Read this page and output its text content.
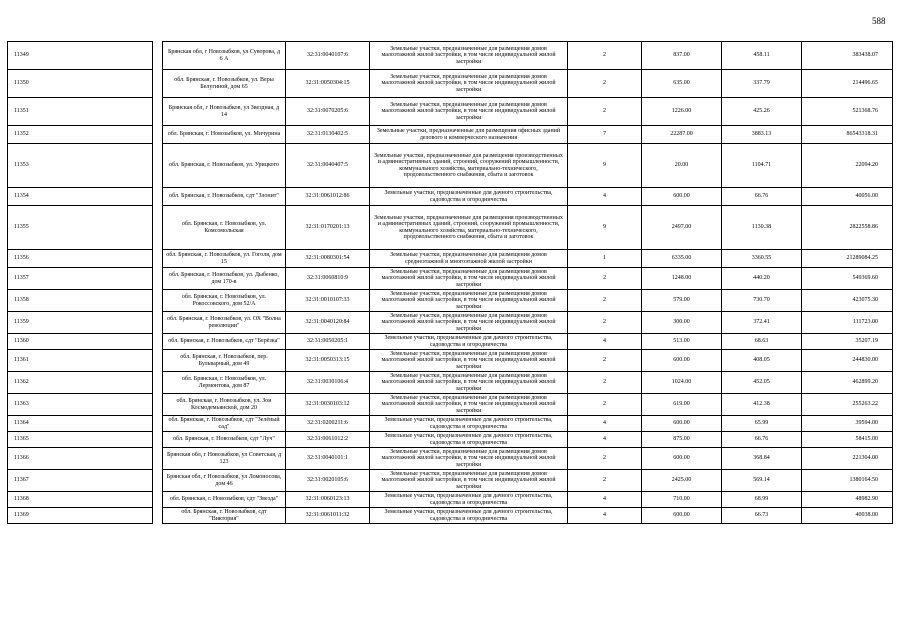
588
11349		Брянская обл, г Новозыбков, ул Суворова, д 6 А	32:31:0040107:6	Земельные участки, предназначенные для размещения домов малоэтажной жилой застройки, в том числе индивидуальной жилой застройки	2	837.00	458.11	383438.07
11350		обл. Брянская, г. Новозыбков, ул. Веры Белугиной, дом 65	32:31:0050304:15	Земельные участки, предназначенные для размещения домов малоэтажной жилой застройки, в том числе индивидуальной жилой застройки	2	635.00	337.79	214496.65
11351		Брянская обл, г Новозыбков, ул Звездная, д 14	32:31:0070205:6	Земельные участки, предназначенные для размещения домов малоэтажной жилой застройки, в том числе индивидуальной жилой застройки	2	1226.00	425.26	521368.76
11352		обл. Брянская, г. Новозыбков, ул. Мичурина	32:31:0130402:5	Земельные участки, предназначенные для размещения офисных зданий делового и коммерческого назначения	7	22287.00	3883.13	86543318.31
11353		обл. Брянская, г. Новозыбков, ул. Урицкого	32:31:0040407:5	Земельные участки, предназначенные для размещения производственных и административных зданий, строений, сооружений промышленности, коммунального хозяйства, материально-технического, продовольственного снабжения, сбыта и заготовок	9	20.00	1104.71	22094.20
11354		обл. Брянская, г. Новозыбков, сдт "Злонит"	32:31:0061012:86	Земельные участки, предназначенные для дачного строительства, садоводства и огородничества	4	600.00	66.76	40056.00
11355		обл. Брянская, г. Новозыбков, ул. Комсомольская	32:31:0170201:13	Земельные участки, предназначенные для размещения производственных и административных зданий, строений, сооружений промышленности, коммунального хозяйства, материально-технического, продовольственного снабжения, сбыта и заготовок	9	2497.00	1130.38	2822558.86
11356		обл. Брянская, г. Новозыбков, ул. Гоголя, дом 15	32:31:0080301:54	Земельные участки, предназначенные для размещения домов среднеэтажной и многоэтажной жилой застройки	1	6335.00	3360.55	21289084.25
11357		обл. Брянская, г. Новозыбков, ул. Дыбенко, дом 170-в	32:31:0060810:9	Земельные участки, предназначенные для размещения домов малоэтажной жилой застройки, в том числе индивидуальной жилой застройки	2	1248.00	440.20	549369.60
11358		обл. Брянская, г. Новозыбков, ул. Рокоссовского, дом 52/А	32:31:0010107:33	Земельные участки, предназначенные для размещения домов малоэтажной жилой застройки, в том числе индивидуальной жилой застройки	2	579.00	730.70	423075.30
11359		обл. Брянская, г. Новозыбков, ул. ОХ "Волна революции"	32:31:0040120:84	Земельные участки, предназначенные для размещения домов малоэтажной жилой застройки, в том числе индивидуальной жилой застройки	2	300.00	372.41	111723.00
11360		обл. Брянская, г. Новозыбков, сдт "Берёзка"	32:31:0050205:1	Земельные участки, предназначенные для дачного строительства, садоводства и огородничества	4	513.00	68.63	35207.19
11361		обл. Брянская, г. Новозыбков, пер. Бульварный, дом 49	32:31:0050313:15	Земельные участки, предназначенные для размещения домов малоэтажной жилой застройки, в том числе индивидуальной жилой застройки	2	600.00	408.05	244830.00
11362		обл. Брянская, г. Новозыбков, ул. Лермонтова, дом 87	32:31:0030106:4	Земельные участки, предназначенные для размещения домов малоэтажной жилой застройки, в том числе индивидуальной жилой застройки	2	1024.00	452.05	462899.20
11363		обл. Брянская, г. Новозыбков, ул. Зои Космодемьянской, дом 20	32:31:0030103:12	Земельные участки, предназначенные для размещения домов малоэтажной жилой застройки, в том числе индивидуальной жилой застройки	2	619.00	412.38	255263.22
11364		обл. Брянская, г. Новозыбков, сдт "Зелёный сад"	32:31:0200211:6	Земельные участки, предназначенные для дачного строительства, садоводства и огородничества	4	600.00	65.99	39594.00
11365		обл. Брянская, г. Новозыбков, сдт "Луч"	32:31:0061012:2	Земельные участки, предназначенные для дачного строительства, садоводства и огородничества	4	875.00	66.76	58415.00
11366		Брянская обл, г Новозыбков, ул Советская, д 123	32:31:0040101:1	Земельные участки, предназначенные для размещения домов малоэтажной жилой застройки, в том числе индивидуальной жилой застройки	2	600.00	368.84	221304.00
11367		Брянская обл, г Новозыбков, ул Ломоносова, дом 46	32:31:0020105:6	Земельные участки, предназначенные для размещения домов малоэтажной жилой застройки, в том числе индивидуальной жилой застройки	2	2425.00	569.14	1380164.50
11368		обл. Брянская, г. Новозыбков, сдт "Звезда"	32:31:0060123:13	Земельные участки, предназначенные для дачного строительства, садоводства и огородничества	4	710.00	68.99	48982.90
11369		обл. Брянская, г. Новозыбков, сдт "Виктория"	32:31:0061011:32	Земельные участки, предназначенные для дачного строительства, садоводства и огородничества	4	600.00	66.73	40038.00
